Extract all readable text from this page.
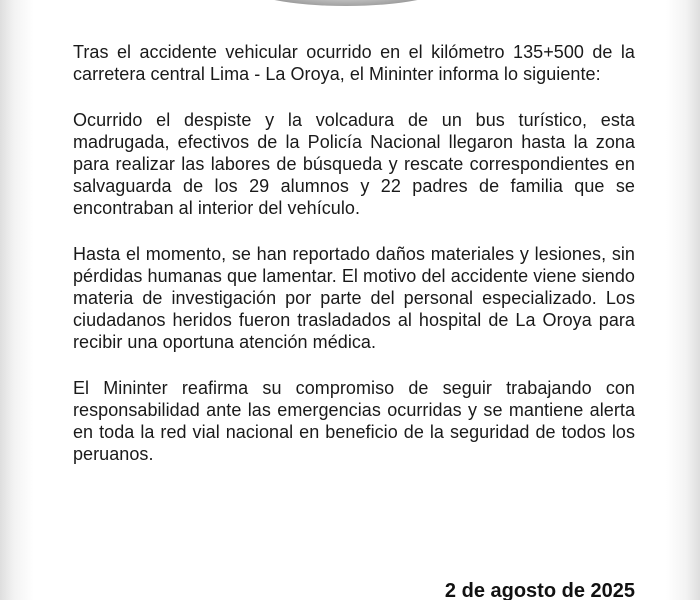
Tras el accidente vehicular ocurrido en el kilómetro 135+500 de la carretera central Lima - La Oroya, el Mininter informa lo siguiente:

Ocurrido el despiste y la volcadura de un bus turístico, esta madrugada, efectivos de la Policía Nacional llegaron hasta la zona para realizar las labores de búsqueda y rescate correspondientes en salvaguarda de los 29 alumnos y 22 padres de familia que se encontraban al interior del vehículo.

Hasta el momento, se han reportado daños materiales y lesiones, sin pérdidas humanas que lamentar. El motivo del accidente viene siendo materia de investigación por parte del personal especializado. Los ciudadanos heridos fueron trasladados al hospital de La Oroya para recibir una oportuna atención médica.

El Mininter reafirma su compromiso de seguir trabajando con responsabilidad ante las emergencias ocurridas y se mantiene alerta en toda la red vial nacional en beneficio de la seguridad de todos los peruanos.

2 de agosto de 2025
